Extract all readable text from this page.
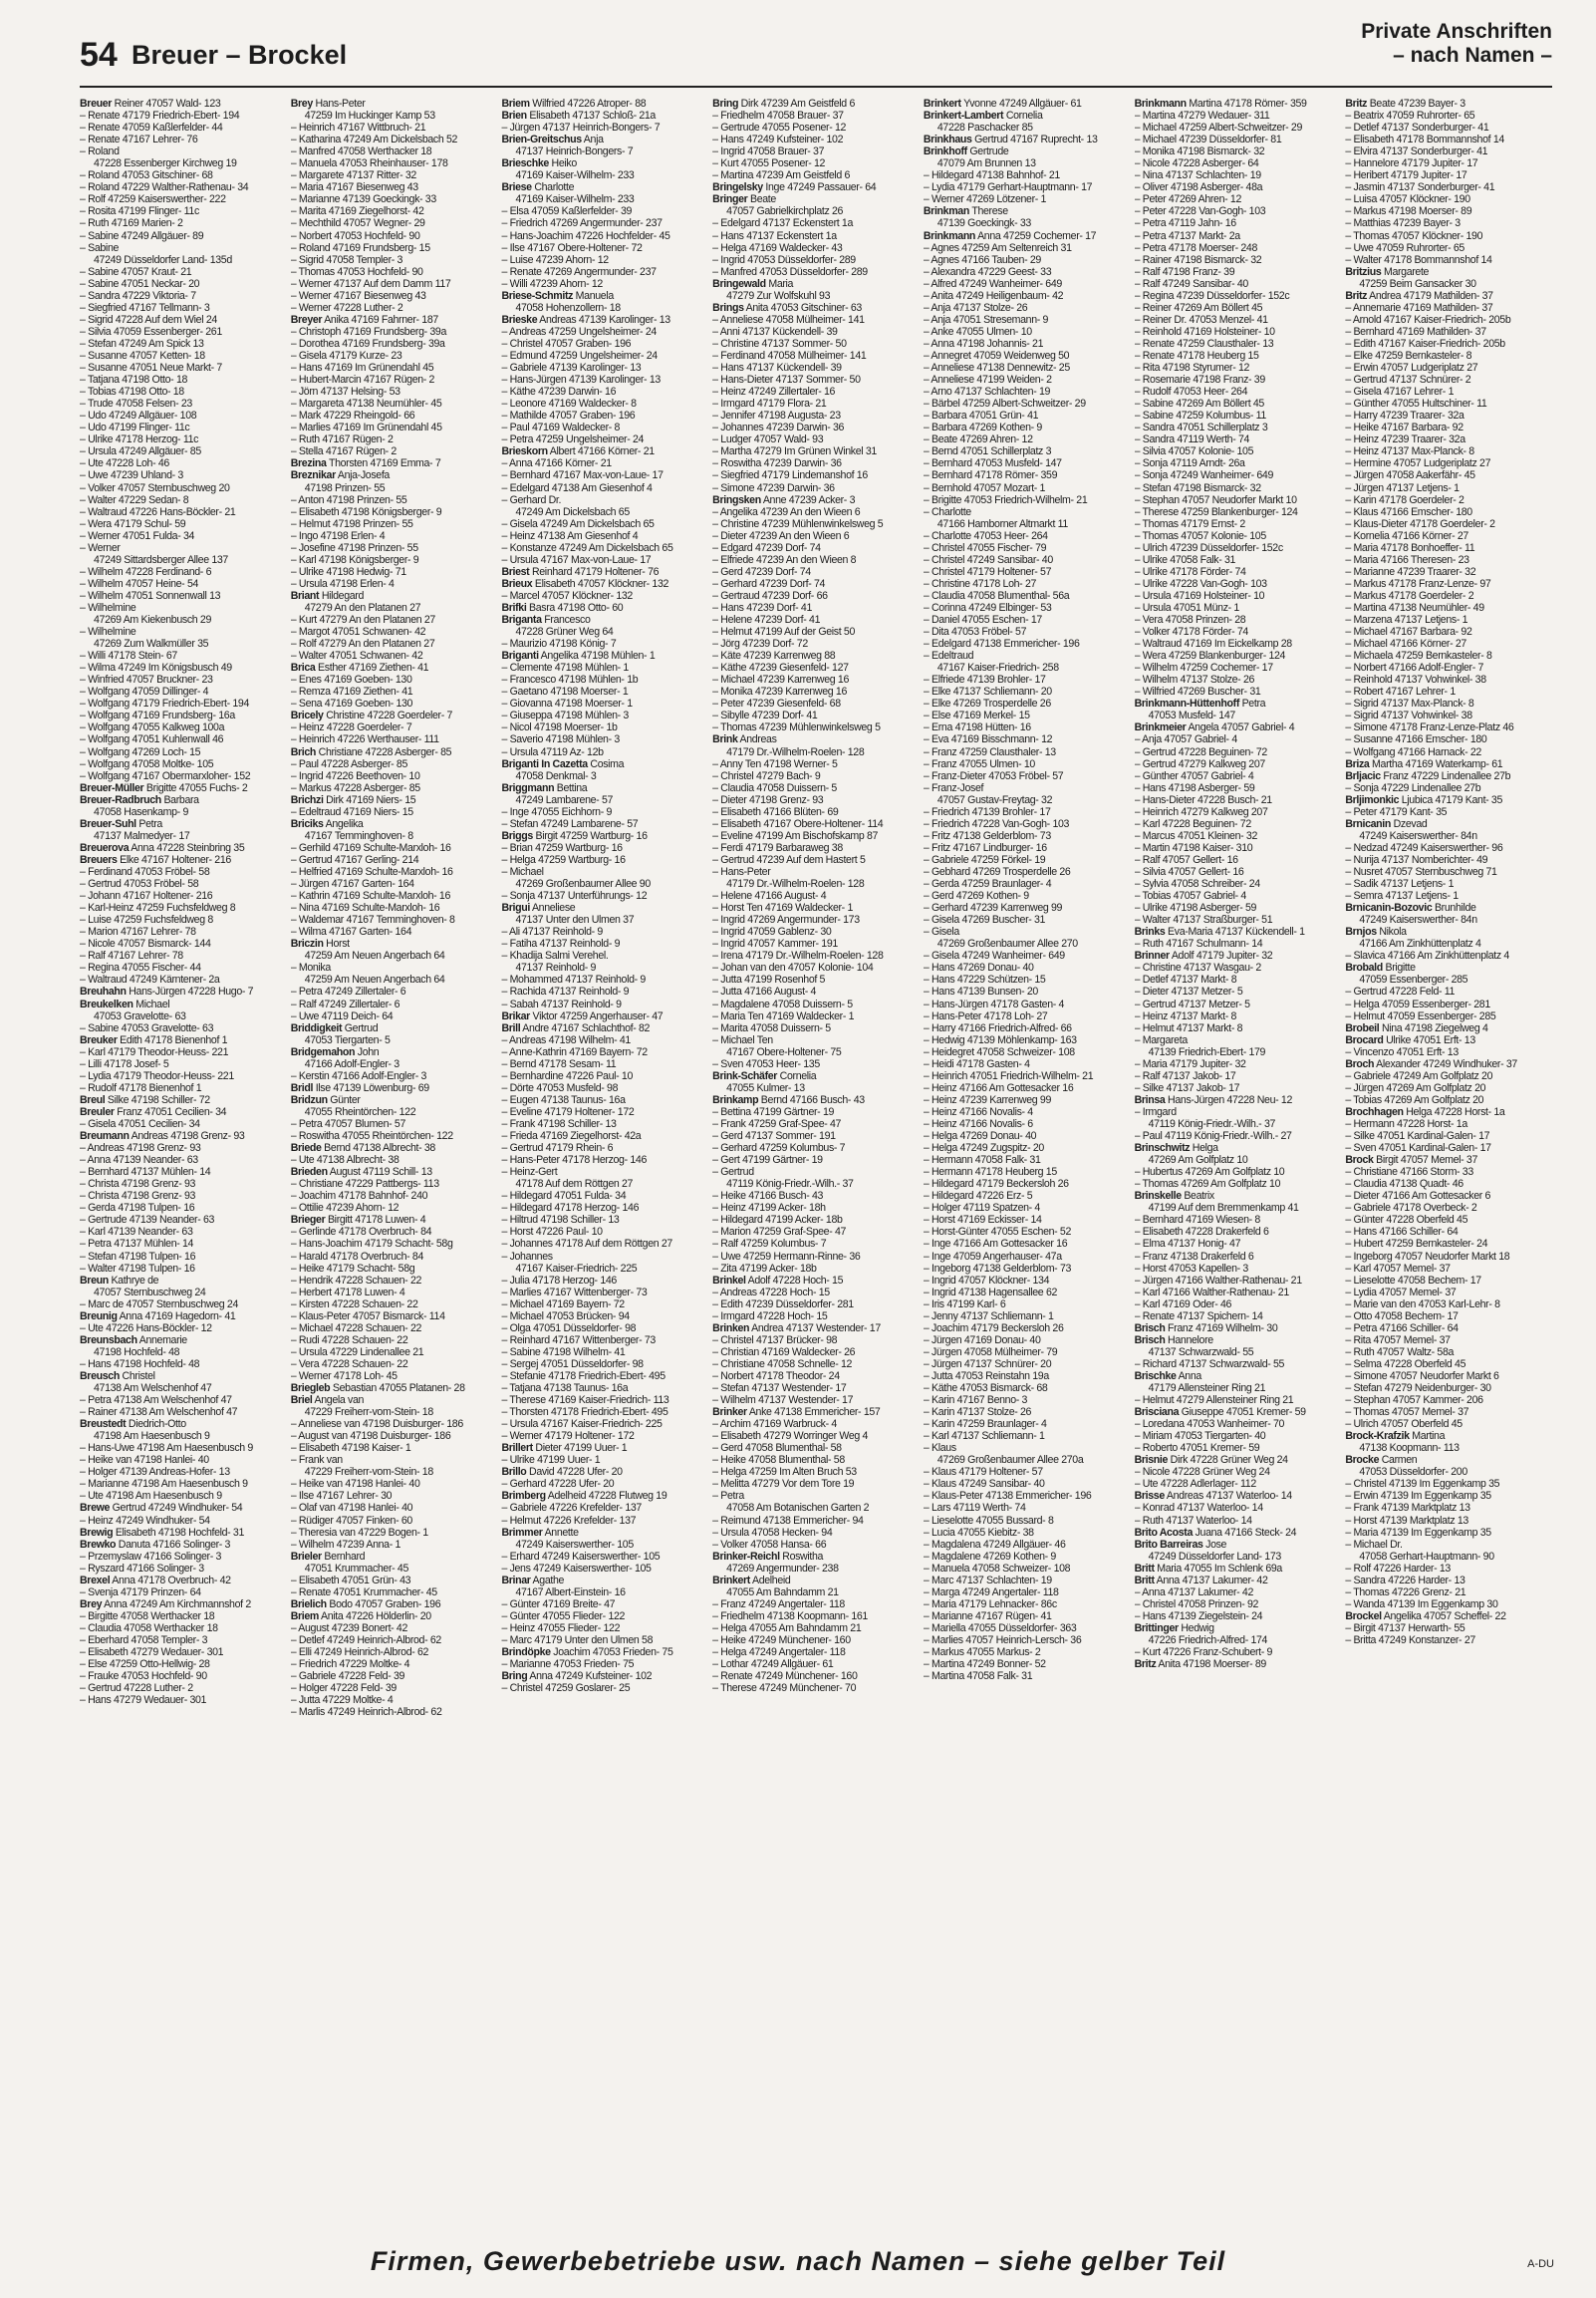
54 Breuer – Brockel
Private Anschriften
– nach Namen –
Breuer Reiner 47057 Wald- 123
– Renate 47179 Friedrich-Ebert- 194
– Renate 47059 Kaßlerfelder- 44
– Renate 47167 Lehrer- 76
– Roland
47228 Essenberger Kirchweg 19
– Roland 47053 Gitschiner- 68
– Roland 47229 Walther-Rathenau- 34
– Rolf 47259 Kaiserswerther- 222
– Rosita 47199 Flinger- 11c
– Ruth 47169 Marien- 2
– Sabine 47249 Allgäuer- 89
– Sabine
47249 Düsseldorfer Land- 135d
– Sabine 47057 Kraut- 21
– Sabine 47051 Neckar- 20
– Sandra 47229 Viktoria- 7
– Siegfried 47167 Tellmann- 3
– Sigrid 47228 Auf dem Wiel 24
– Silvia 47059 Essenberger- 261
– Stefan 47249 Am Spick 13
– Susanne 47057 Ketten- 18
– Susanne 47051 Neue Markt- 7
– Tatjana 47198 Otto- 18
– Tobias 47198 Otto- 18
– Trude 47058 Felsen- 23
– Udo 47249 Allgäuer- 108
– Udo 47199 Flinger- 11c
– Ulrike 47178 Herzog- 11c
– Ursula 47249 Allgäuer- 85
– Ute 47228 Loh- 46
– Uwe 47239 Uhland- 3
– Volker 47057 Sternbuschweg 20
– Walter 47229 Sedan- 8
– Waltraud 47226 Hans-Böckler- 21
– Wera 47179 Schul- 59
– Werner 47051 Fulda- 34
– Werner
47249 Sittardsberger Allee 137
– Wilhelm 47228 Ferdinand- 6
– Wilhelm 47057 Heine- 54
– Wilhelm 47051 Sonnenwall 13
– Wilhelmine
47269 Am Kiekenbusch 29
– Wilhelmine
47269 Zum Walkmüller 35
– Willi 47178 Stein- 67
– Wilma 47249 Im Königsbusch 49
– Winfried 47057 Bruckner- 23
– Wolfgang 47059 Dillinger- 4
– Wolfgang 47179 Friedrich-Ebert- 194
– Wolfgang 47169 Frundsberg- 16a
– Wolfgang 47055 Kalkweg 100a
– Wolfgang 47051 Kuhlenwall 46
– Wolfgang 47269 Loch- 15
– Wolfgang 47058 Moltke- 105
– Wolfgang 47167 Obermarxloher- 152
Breuer-Müller Brigitte 47055 Fuchs- 2
Breuer-Radbruch Barbara
47058 Hasenkamp- 9
Breuer-Suhl Petra
47137 Malmedyer- 17
Breuerova Anna 47228 Steinbring 35
Breuers Elke 47167 Holtener- 216
– Ferdinand 47053 Fröbel- 58
– Gertrud 47053 Fröbel- 58
– Johann 47167 Holtener- 216
– Karl-Heinz 47259 Fuchsfeldweg 8
– Luise 47259 Fuchsfeldweg 8
– Marion 47167 Lehrer- 78
– Nicole 47057 Bismarck- 144
– Ralf 47167 Lehrer- 78
– Regina 47055 Fischer- 44
– Waltraud 47249 Kärntener- 2a
Breuhahn Hans-Jürgen 47228 Hugo- 7
Breukelken Michael
47053 Gravelotte- 63
– Sabine 47053 Gravelotte- 63
Breuker Edith 47178 Bienenhof 1
– Karl 47179 Theodor-Heuss- 221
– Lilli 47178 Josef- 5
– Lydia 47179 Theodor-Heuss- 221
– Rudolf 47178 Bienenhof 1
Breul Silke 47198 Schiller- 72
Breuler Franz 47051 Cecilien- 34
– Gisela 47051 Cecilien- 34
Breumann Andreas 47198 Grenz- 93
– Andreas 47198 Grenz- 93
– Anna 47139 Neander- 63
– Bernhard 47137 Mühlen- 14
– Christa 47198 Grenz- 93
– Christa 47198 Grenz- 93
– Gerda 47198 Tulpen- 16
– Gertrude 47139 Neander- 63
– Karl 47139 Neander- 63
– Petra 47137 Mühlen- 14
– Stefan 47198 Tulpen- 16
– Walter 47198 Tulpen- 16
Breun Kathrye de
47057 Sternbuschweg 24
– Marc de 47057 Sternbuschweg 24
Breunig Anna 47169 Hagedorn- 41
– Ute 47226 Hans-Böckler- 12
Breunsbach Annemarie
47198 Hochfeld- 48
– Hans 47198 Hochfeld- 48
Breusch Christel
47138 Am Welschenhof 47
– Petra 47138 Am Welschenhof 47
– Rainer 47138 Am Welschenhof 47
Breustedt Diedrich-Otto
47198 Am Haesenbusch 9
– Hans-Uwe 47198 Am Haesenbusch 9
– Heike van 47198 Hanlei- 40
– Holger 47139 Andreas-Hofer- 13
– Marianne 47198 Am Haesenbusch 9
– Ute 47198 Am Haesenbusch 9
Brewe Gertrud 47249 Windhuker- 54
– Heinz 47249 Windhuker- 54
Brewig Elisabeth 47198 Hochfeld- 31
Brewko Danuta 47166 Solinger- 3
– Przemyslaw 47166 Solinger- 3
– Ryszard 47166 Solinger- 3
Brexel Anna 47178 Overbruch- 42
– Svenja 47179 Prinzen- 64
Brey Anna 47249 Am Kirchmannshof 2
– Birgitte 47058 Werthacker 18
– Claudia 47058 Werthacker 18
– Eberhard 47058 Templer- 3
– Elisabeth 47279 Wedauer- 301
– Else 47259 Otto-Hellwig- 28
– Frauke 47053 Hochfeld- 90
– Gertrud 47228 Luther- 2
– Hans 47279 Wedauer- 301
Brey Hans-Peter
47259 Im Huckinger Kamp 53
– Heinrich 47167 Wittbruch- 21
– Katharina 47249 Am Dickelsbach 52
– Manfred 47058 Werthacker 18
– Manuela 47053 Rheinhauser- 178
– Margarete 47137 Ritter- 32
– Maria 47167 Biesenweg 43
– Marianne 47139 Goeckingk- 33
– Marita 47169 Ziegelhorst- 42
– Mechthild 47057 Wegner- 29
– Norbert 47053 Hochfeld- 90
– Roland 47169 Frundsberg- 15
– Sigrid 47058 Templer- 3
– Thomas 47053 Hochfeld- 90
– Werner 47137 Auf dem Damm 117
– Werner 47167 Biesenweg 43
– Werner 47228 Luther- 2
Breyer Anika 47169 Fahrner- 187
– Christoph 47169 Frundsberg- 39a
– Dorothea 47169 Frundsberg- 39a
– Gisela 47179 Kurze- 23
– Hans 47169 Im Grünendahl 45
– Hubert-Marcin 47167 Rügen- 2
– Jörn 47137 Helsing- 53
– Margareta 47138 Neumühler- 45
– Mark 47229 Rheingold- 66
– Marlies 47169 Im Grünendahl 45
– Ruth 47167 Rügen- 2
– Stella 47167 Rügen- 2
Brezina Thorsten 47169 Emma- 7
Breznikar Anja-Josefa
47198 Prinzen- 55
– Anton 47198 Prinzen- 55
– Elisabeth 47198 Königsberger- 9
– Helmut 47198 Prinzen- 55
– Ingo 47198 Erlen- 4
– Josefine 47198 Prinzen- 55
– Karl 47198 Königsberger- 9
– Ulrike 47198 Hedwig- 71
– Ursula 47198 Erlen- 4
Briant Hildegard
47279 An den Platanen 27
– Kurt 47279 An den Platanen 27
– Margot 47051 Schwanen- 42
– Rolf 47279 An den Platanen 27
– Walter 47051 Schwanen- 42
Brica Esther 47169 Ziethen- 41
– Enes 47169 Goeben- 130
– Remza 47169 Ziethen- 41
– Sena 47169 Goeben- 130
Bricely Christine 47228 Goerdeler- 7
– Heinz 47228 Goerdeler- 7
– Heinrich 47226 Werthauser- 111
Brich Christiane 47228 Asberger- 85
– Paul 47228 Asberger- 85
– Ingrid 47226 Beethoven- 10
– Markus 47228 Asberger- 85
Brichzi Dirk 47169 Niers- 15
– Edeltraud 47169 Niers- 15
Briciks Angelika
47167 Temminghoven- 8
– Gerhild 47169 Schulte-Marxloh- 16
– Gertrud 47167 Gerling- 214
– Helfried 47169 Schulte-Marxloh- 16
– Jürgen 47167 Garten- 164
– Kathrin 47169 Schulte-Marxloh- 16
– Nina 47169 Schulte-Marxloh- 16
– Waldemar 47167 Temminghoven- 8
– Wilma 47167 Garten- 164
Briczin Horst
47259 Am Neuen Angerbach 64
– Monika
47259 Am Neuen Angerbach 64
– Petra 47249 Zillertaler- 6
– Ralf 47249 Zillertaler- 6
– Uwe 47119 Deich- 64
Briddigkeit Gertrud
47053 Tiergarten- 5
Bridgemahon John
47166 Adolf-Engler- 3
– Kerstin 47166 Adolf-Engler- 3
Bridl Ilse 47139 Löwenburg- 69
Bridzun Günter
47055 Rheintörchen- 122
– Petra 47057 Blumen- 57
– Roswitha 47055 Rheintörchen- 122
Briede Bernd 47138 Albrecht- 38
– Ute 47138 Albrecht- 38
Brieden August 47119 Schill- 13
– Christiane 47229 Pattbergs- 113
– Joachim 47178 Bahnhof- 240
– Ottilie 47239 Ahorn- 12
Brieger Birgitt 47178 Luwen- 4
– Gerlinde 47178 Overbruch- 84
– Hans-Joachim 47179 Schacht- 58g
– Harald 47178 Overbruch- 84
– Heike 47179 Schacht- 58g
– Hendrik 47228 Schauen- 22
– Herbert 47178 Luwen- 4
– Kirsten 47228 Schauen- 22
– Klaus-Peter 47057 Bismarck- 114
– Michael 47228 Schauen- 22
– Rudi 47228 Schauen- 22
– Ursula 47229 Lindenallee 21
– Vera 47228 Schauen- 22
– Werner 47178 Loh- 45
Briegleb Sebastian 47055 Platanen- 28
Briel Angela van
47229 Freiherr-vom-Stein- 18
– Anneliese van 47198 Duisburger- 186
– August van 47198 Duisburger- 186
– Elisabeth 47198 Kaiser- 1
– Frank van
47229 Freiherr-vom-Stein- 18
– Heike van 47198 Hanlei- 40
– Ilse 47167 Lehrer- 30
– Olaf van 47198 Hanlei- 40
– Rüdiger 47057 Finken- 60
– Theresia van 47229 Bogen- 1
– Wilhelm 47239 Anna- 1
Brieler Bernhard
47051 Krummacher- 45
– Elisabeth 47051 Grün- 43
– Renate 47051 Krummacher- 45
Brielich Bodo 47057 Graben- 196
Briem Anita 47226 Hölderlin- 20
– August 47239 Bonert- 42
– Detlef 47249 Heinrich-Albrod- 62
– Elli 47249 Heinrich-Albrod- 62
– Friedrich 47229 Moltke- 4
– Gabriele 47228 Feld- 39
– Holger 47228 Feld- 39
– Jutta 47229 Moltke- 4
– Marlis 47249 Heinrich-Albrod- 62
Briem Wilfried 47226 Atroper- 88
Brien Elisabeth 47137 Schloß- 21a
– Jürgen 47137 Heinrich-Bongers- 7
Brien-Greitschus Anja
47137 Heinrich-Bongers- 7
Brieschke Heiko
47169 Kaiser-Wilhelm- 233
Briese Charlotte
47169 Kaiser-Wilhelm- 233
– Elsa 47059 Kaßlerfelder- 39
– Friedrich 47269 Angermunder- 237
– Hans-Joachim 47226 Hochfelder- 45
– Ilse 47167 Obere-Holtener- 72
– Luise 47239 Ahorn- 12
– Renate 47269 Angermunder- 237
– Willi 47239 Ahorn- 12
Briese-Schmitz Manuela
47058 Hohenzollern- 18
Brieske Andreas 47139 Karolinger- 13
– Andreas 47259 Ungelsheimer- 24
– Christel 47057 Graben- 196
– Edmund 47259 Ungelsheimer- 24
– Gabriele 47139 Karolinger- 13
– Hans-Jürgen 47139 Karolinger- 13
– Käthe 47239 Darwin- 16
– Leonore 47169 Waldecker- 8
– Mathilde 47057 Graben- 196
– Paul 47169 Waldecker- 8
– Petra 47259 Ungelsheimer- 24
Brieskorn Albert 47166 Körner- 21
– Anna 47166 Körner- 21
– Bernhard 47167 Max-von-Laue- 17
– Edelgard 47138 Am Giesenhof 4
– Gerhard Dr.
47249 Am Dickelsbach 65
– Gisela 47249 Am Dickelsbach 65
– Heinz 47138 Am Giesenhof 4
– Konstanze 47249 Am Dickelsbach 65
– Ursula 47167 Max-von-Laue- 17
Briest Reinhard 47179 Holtener- 76
Brieux Elisabeth 47057 Klöckner- 132
– Marcel 47057 Klöckner- 132
Brifki Basra 47198 Otto- 60
Briganta Francesco
47228 Grüner Weg 64
– Maurizio 47198 König- 7
Briganti Angelika 47198 Mühlen- 1
– Clemente 47198 Mühlen- 1
– Francesco 47198 Mühlen- 1b
– Gaetano 47198 Moerser- 1
– Giovanna 47198 Moerser- 1
– Giuseppa 47198 Mühlen- 3
– Nicol 47198 Moerser- 1b
– Saverio 47198 Mühlen- 3
– Ursula 47119 Az- 12b
Briganti In Cazetta Cosima
47058 Denkmal- 3
Briggmann Bettina
47249 Lambarene- 57
– Inge 47055 Eichhorn- 9
– Stefan 47249 Lambarene- 57
Briggs Birgit 47259 Wartburg- 16
– Brian 47259 Wartburg- 16
– Helga 47259 Wartburg- 16
– Michael
47269 Großenbaumer Allee 90
– Sonja 47137 Unterführungs- 12
Brigui Anneliese
47137 Unter den Ulmen 37
– Ali 47137 Reinhold- 9
– Fatiha 47137 Reinhold- 9
– Khadija Salmi Verehel.
47137 Reinhold- 9
– Mohammed 47137 Reinhold- 9
– Rachida 47137 Reinhold- 9
– Sabah 47137 Reinhold- 9
Brikar Viktor 47259 Angerhauser- 47
Brill Andre 47167 Schlachthof- 82
– Andreas 47198 Wilhelm- 41
– Anne-Kathrin 47169 Bayern- 72
– Bernd 47178 Sesam- 11
– Bernhardine 47226 Paul- 10
– Dörte 47053 Musfeld- 98
– Eugen 47138 Taunus- 16a
– Eveline 47179 Holtener- 172
– Frank 47198 Schiller- 13
– Frieda 47169 Ziegelhorst- 42a
– Gertrud 47179 Rhein- 6
– Hans-Peter 47178 Herzog- 146
– Heinz-Gert
47178 Auf dem Röttgen 27
– Hildegard 47051 Fulda- 34
– Hildegard 47178 Herzog- 146
– Hiltrud 47198 Schiller- 13
– Horst 47226 Paul- 10
– Johannes 47178 Auf dem Röttgen 27
– Johannes
47167 Kaiser-Friedrich- 225
– Julia 47178 Herzog- 146
– Marlies 47167 Wittenberger- 73
– Michael 47169 Bayern- 72
– Michael 47053 Brücken- 94
– Olga 47051 Düsseldorfer- 98
– Reinhard 47167 Wittenberger- 73
– Sabine 47198 Wilhelm- 41
– Sergej 47051 Düsseldorfer- 98
– Stefanie 47178 Friedrich-Ebert- 495
– Tatjana 47138 Taunus- 16a
– Therese 47169 Kaiser-Friedrich- 113
– Thorsten 47178 Friedrich-Ebert- 495
– Ursula 47167 Kaiser-Friedrich- 225
– Werner 47179 Holtener- 172
Brillert Dieter 47199 Uuer- 1
– Ulrike 47199 Uuer- 1
Brillo David 47228 Ufer- 20
– Gerhard 47228 Ufer- 20
Brimberg Adelheid 47228 Flutweg 19
– Gabriele 47226 Krefelder- 137
– Helmut 47226 Krefelder- 137
Brimmer Annette
47249 Kaiserswerther- 105
– Erhard 47249 Kaiserswerther- 105
– Jens 47249 Kaiserswerther- 105
Brinar Agathe
47167 Albert-Einstein- 16
– Günter 47169 Breite- 47
– Günter 47055 Flieder- 122
– Heinz 47055 Flieder- 122
– Marc 47179 Unter den Ulmen 58
Brindöpke Joachim 47053 Frieden- 75
– Marianne 47053 Frieden- 75
Bring Anna 47249 Kufsteiner- 102
– Christel 47259 Goslarer- 25
Bring Dirk 47239 Am Geistfeld 6
– Friedhelm 47058 Brauer- 37
– Gertrude 47055 Posener- 12
– Hans 47249 Kufsteiner- 102
– Ingrid 47058 Brauer- 37
– Kurt 47055 Posener- 12
– Martina 47239 Am Geistfeld 6
Bringelsky Inge 47249 Passauer- 64
Bringer Beate
47057 Gabrielkirchplatz 26
– Edelgard 47137 Eckenstert 1a
– Hans 47137 Eckenstert 1a
– Helga 47169 Waldecker- 43
– Ingrid 47053 Düsseldorfer- 289
– Manfred 47053 Düsseldorfer- 289
Bringewald Maria
47279 Zur Wolfskuhl 93
Brings Anita 47053 Gitschiner- 63
– Anneliese 47058 Mülheimer- 141
– Anni 47137 Kückendell- 39
– Christine 47137 Sommer- 50
– Ferdinand 47058 Mülheimer- 141
– Hans 47137 Kückendell- 39
– Hans-Dieter 47137 Sommer- 50
– Heinz 47249 Zillertaler- 16
– Irmgard 47179 Flora- 21
– Jennifer 47198 Augusta- 23
– Johannes 47239 Darwin- 36
– Ludger 47057 Wald- 93
– Martha 47279 Im Grünen Winkel 31
– Roswitha 47239 Darwin- 36
– Siegfried 47179 Lindemanshof 16
– Simone 47239 Darwin- 36
Bringsken Anne 47239 Acker- 3
– Angelika 47239 An den Wieen 6
– Christine 47239 Mühlenwinkelsweg 5
– Dieter 47239 An den Wieen 6
– Edgard 47239 Dorf- 74
– Elfriede 47239 An den Wieen 8
– Gerd 47239 Dorf- 74
– Gerhard 47239 Dorf- 74
– Gertraud 47239 Dorf- 66
– Hans 47239 Dorf- 41
– Helene 47239 Dorf- 41
– Helmut 47199 Auf der Geist 50
– Jörg 47239 Dorf- 72
– Käte 47239 Karrenweg 88
– Käthe 47239 Giesenfeld- 127
– Michael 47239 Karrenweg 16
– Monika 47239 Karrenweg 16
– Peter 47239 Giesenfeld- 68
– Sibylle 47239 Dorf- 41
– Thomas 47239 Mühlenwinkelsweg 5
Brink Andreas
47179 Dr.-Wilhelm-Roelen- 128
– Anny Ten 47198 Werner- 5
– Christel 47279 Bach- 9
– Claudia 47058 Duissern- 5
– Dieter 47198 Grenz- 93
– Elisabeth 47166 Blüten- 69
– Elisabeth 47167 Obere-Holtener- 114
– Eveline 47199 Am Bischofskamp 87
– Ferdi 47179 Barbaraweg 38
– Gertrud 47239 Auf dem Hastert 5
– Hans-Peter
47179 Dr.-Wilhelm-Roelen- 128
– Helene 47166 August- 4
– Horst Ten 47169 Waldecker- 1
– Ingrid 47269 Angermunder- 173
– Ingrid 47059 Gablenz- 30
– Ingrid 47057 Kammer- 191
– Irena 47179 Dr.-Wilhelm-Roelen- 128
– Johan van den 47057 Kolonie- 104
– Jutta 47199 Rosenhof 5
– Jutta 47166 August- 4
– Magdalene 47058 Duissern- 5
– Maria Ten 47169 Waldecker- 1
– Marita 47058 Duissern- 5
– Michael Ten
47167 Obere-Holtener- 75
– Sven 47053 Heer- 135
Brink-Schäfer Cornelia
47055 Kulmer- 13
Brinkamp Bernd 47166 Busch- 43
– Bettina 47199 Gärtner- 19
– Frank 47259 Graf-Spee- 47
– Gerd 47137 Sommer- 191
– Gerhard 47259 Kolumbus- 7
– Gert 47199 Gärtner- 19
– Gertrud
47119 König-Friedr.-Wilh.- 37
– Heike 47166 Busch- 43
– Heinz 47199 Acker- 18h
– Hildegard 47199 Acker- 18b
– Marion 47259 Graf-Spee- 47
– Ralf 47259 Kolumbus- 7
– Uwe 47259 Hermann-Rinne- 36
– Zita 47199 Acker- 18b
Brinkel Adolf 47228 Hoch- 15
– Andreas 47228 Hoch- 15
– Edith 47239 Düsseldorfer- 281
– Irmgard 47228 Hoch- 15
Brinken Andrea 47137 Westender- 17
– Christel 47137 Brücker- 98
– Christian 47169 Waldecker- 26
– Christiane 47058 Schnelle- 12
– Norbert 47178 Theodor- 24
– Stefan 47137 Westender- 17
– Wilhelm 47137 Westender- 17
Brinker Anke 47138 Emmericher- 157
– Archim 47169 Warbruck- 4
– Elisabeth 47279 Worringer Weg 4
– Gerd 47058 Blumenthal- 58
– Heike 47058 Blumenthal- 58
– Helga 47259 Im Alten Bruch 53
– Melitta 47279 Vor dem Tore 19
– Petra
47058 Am Botanischen Garten 2
– Reimund 47138 Emmericher- 94
– Ursula 47058 Hecken- 94
– Volker 47058 Hansa- 66
Brinker-Reichl Roswitha
47269 Angermunder- 238
Brinkert Adelheid
47055 Am Bahndamm 21
– Franz 47249 Angertaler- 118
– Friedhelm 47138 Koopmann- 161
– Helga 47055 Am Bahndamm 21
– Heike 47249 Münchener- 160
– Helga 47249 Angertaler- 118
– Lothar 47249 Allgäuer- 61
– Renate 47249 Münchener- 160
– Therese 47249 Münchener- 70
Brinkert Yvonne 47249 Allgäuer- 61
Brinkert-Lambert Cornelia
47228 Paschacker 85
Brinkhaus Gertrud 47167 Ruprecht- 13
Brinkhoff Gertrude
47079 Am Brunnen 13
– Hildegard 47138 Bahnhof- 21
– Lydia 47179 Gerhart-Hauptmann- 17
– Werner 47269 Lötzener- 1
Brinkman Therese
47139 Goeckingk- 33
Brinkmann Anna 47259 Cochemer- 17
– Agnes 47259 Am Seltenreich 31
– Agnes 47166 Tauben- 29
– Alexandra 47229 Geest- 33
– Alfred 47249 Wanheimer- 649
– Anita 47249 Heiligenbaum- 42
– Anja 47137 Stolze- 26
– Anja 47051 Stresemann- 9
– Anke 47055 Ulmen- 10
– Anna 47198 Johannis- 21
– Annegret 47059 Weidenweg 50
– Anneliese 47138 Dennewitz- 25
– Anneliese 47199 Weiden- 2
– Arno 47137 Schlachten- 19
– Bärbel 47259 Albert-Schweitzer- 29
– Barbara 47051 Grün- 41
– Barbara 47269 Kothen- 9
– Beate 47269 Ahren- 12
– Bernd 47051 Schillerplatz 3
– Bernhard 47053 Musfeld- 147
– Bernhard 47178 Römer- 359
– Bernhold 47057 Mozart- 1
– Brigitte 47053 Friedrich-Wilhelm- 21
– Charlotte
47166 Hamborner Altmarkt 11
– Charlotte 47053 Heer- 264
– Christel 47055 Fischer- 79
– Christel 47249 Sansibar- 40
– Christel 47179 Holtener- 57
– Christine 47178 Loh- 27
– Claudia 47058 Blumenthal- 56a
– Corinna 47249 Elbinger- 53
– Daniel 47055 Eschen- 17
– Dita 47053 Fröbel- 57
– Edelgard 47138 Emmericher- 196
– Edeltraud
47167 Kaiser-Friedrich- 258
– Elfriede 47139 Brohler- 17
– Elke 47137 Schliemann- 20
– Elke 47269 Trosperdelle 26
– Else 47169 Merkel- 15
– Erna 47198 Hütten- 16
– Eva 47169 Bisschmann- 12
– Franz 47259 Clausthaler- 13
– Franz 47055 Ulmen- 10
– Franz-Dieter 47053 Fröbel- 57
– Franz-Josef
47057 Gustav-Freytag- 32
– Friedrich 47139 Brohler- 17
– Friedrich 47228 Van-Gogh- 103
– Fritz 47138 Gelderblom- 73
– Fritz 47167 Lindburger- 16
– Gabriele 47259 Förkel- 19
– Gebhard 47269 Trosperdelle 26
– Gerda 47259 Braunlager- 4
– Gerd 47269 Kothen- 9
– Gerhard 47239 Karrenweg 99
– Gisela 47269 Buscher- 31
– Gisela
47269 Großenbaumer Allee 270
– Gisela 47249 Wanheimer- 649
– Hans 47269 Donau- 40
– Hans 47229 Schützen- 15
– Hans 47139 Bunsen- 20
– Hans-Jürgen 47178 Gasten- 4
– Hans-Peter 47178 Loh- 27
– Harry 47166 Friedrich-Alfred- 66
– Hedwig 47139 Möhlenkamp- 163
– Heidegret 47058 Schweizer- 108
– Heidi 47178 Gasten- 4
– Heinrich 47051 Friedrich-Wilhelm- 21
– Heinz 47166 Am Gottesacker 16
– Heinz 47239 Karrenweg 99
– Heinz 47166 Novalis- 4
– Heinz 47166 Novalis- 6
– Helga 47269 Donau- 40
– Helga 47249 Zugspitz- 20
– Hermann 47058 Falk- 31
– Hermann 47178 Heuberg 15
– Hildegard 47179 Beckersloh 26
– Hildegard 47226 Erz- 5
– Holger 47119 Spatzen- 4
– Horst 47169 Eckisser- 14
– Horst-Günter 47055 Eschen- 52
– Inge 47166 Am Gottesacker 16
– Inge 47059 Angerhauser- 47a
– Ingeborg 47138 Gelderblom- 73
– Ingrid 47057 Klöckner- 134
– Ingrid 47138 Hagensallee 62
– Iris 47199 Karl- 6
– Jenny 47137 Schliemann- 1
– Joachim 47179 Beckersloh 26
– Jürgen 47169 Donau- 40
– Jürgen 47058 Mülheimer- 79
– Jürgen 47137 Schnürer- 20
– Jutta 47053 Reinstahn 19a
– Käthe 47053 Bismarck- 68
– Karin 47167 Benno- 3
– Karin 47137 Stolze- 26
– Karin 47259 Braunlager- 4
– Karl 47137 Schliemann- 1
– Klaus
47269 Großenbaumer Allee 270a
– Klaus 47179 Holtener- 57
– Klaus 47249 Sansibar- 40
– Klaus-Peter 47138 Emmericher- 196
– Lars 47119 Werth- 74
– Lieselotte 47055 Bussard- 8
– Lucia 47055 Kiebitz- 38
– Magdalena 47249 Allgäuer- 46
– Magdalene 47269 Kothen- 9
– Manuela 47058 Schweizer- 108
– Marc 47137 Schlachten- 19
– Marga 47249 Angertaler- 118
– Maria 47179 Lehnacker- 86c
– Marianne 47167 Rügen- 41
– Mariella 47055 Düsseldorfer- 363
– Marlies 47057 Heinrich-Lersch- 36
– Markus 47055 Markus- 2
– Martina 47249 Bonner- 52
– Martina 47058 Falk- 31
Brinkmann Martina 47178 Römer- 359
– Martina 47279 Wedauer- 311
– Michael 47259 Albert-Schweitzer- 29
– Michael 47239 Düsseldorfer- 81
– Monika 47198 Bismarck- 32
– Nicole 47228 Asberger- 64
– Nina 47137 Schlachten- 19
– Oliver 47198 Asberger- 48a
– Peter 47269 Ahren- 12
– Peter 47228 Van-Gogh- 103
– Petra 47119 Jahn- 16
– Petra 47137 Markt- 2a
– Petra 47178 Moerser- 248
– Rainer 47198 Bismarck- 32
– Ralf 47198 Franz- 39
– Ralf 47249 Sansibar- 40
– Regina 47239 Düsseldorfer- 152c
– Reiner 47269 Am Böllert 45
– Reiner Dr. 47053 Menzel- 41
– Reinhold 47169 Holsteiner- 10
– Renate 47259 Clausthaler- 13
– Renate 47178 Heuberg 15
– Rita 47198 Styrumer- 12
– Rosemarie 47198 Franz- 39
– Rudolf 47053 Heer- 264
– Sabine 47269 Am Böllert 45
– Sabine 47259 Kolumbus- 11
– Sandra 47051 Schillerplatz 3
– Sandra 47119 Werth- 74
– Silvia 47057 Kolonie- 105
– Sonja 47119 Arndt- 26a
– Sonja 47249 Wanheimer- 649
– Stefan 47198 Bismarck- 32
– Stephan 47057 Neudorfer Markt 10
– Therese 47259 Blankenburger- 124
– Thomas 47179 Ernst- 2
– Thomas 47057 Kolonie- 105
– Ulrich 47239 Düsseldorfer- 152c
– Ulrike 47058 Falk- 31
– Ulrike 47178 Förder- 74
– Ulrike 47228 Van-Gogh- 103
– Ursula 47169 Holsteiner- 10
– Ursula 47051 Münz- 1
– Vera 47058 Prinzen- 28
– Volker 47178 Förder- 74
– Waltraud 47169 Im Eickelkamp 28
– Wera 47259 Blankenburger- 124
– Wilhelm 47259 Cochemer- 17
– Wilhelm 47137 Stolze- 26
– Wilfried 47269 Buscher- 31
Brinkmann-Hüttenhoff Petra
47053 Musfeld- 147
Brinkmeier Angela 47057 Gabriel- 4
– Anja 47057 Gabriel- 4
– Gertrud 47228 Beguinen- 72
– Gertrud 47279 Kalkweg 207
– Günther 47057 Gabriel- 4
– Hans 47198 Asberger- 59
– Hans-Dieter 47228 Busch- 21
– Heinrich 47279 Kalkweg 207
– Karl 47228 Beguinen- 72
– Marcus 47051 Kleinen- 32
– Martin 47198 Kaiser- 310
– Ralf 47057 Gellert- 16
– Silvia 47057 Gellert- 16
– Sylvia 47058 Schreiber- 24
– Tobias 47057 Gabriel- 4
– Ulrike 47198 Asberger- 59
– Walter 47137 Straßburger- 51
Brinks Eva-Maria 47137 Kückendell- 1
– Ruth 47167 Schulmann- 14
Brinner Adolf 47179 Jupiter- 32
– Christine 47137 Wasgau- 2
– Detlef 47137 Markt- 8
– Dieter 47137 Metzer- 5
– Gertrud 47137 Metzer- 5
– Heinz 47137 Markt- 8
– Helmut 47137 Markt- 8
– Margareta
47139 Friedrich-Ebert- 179
– Maria 47179 Jupiter- 32
– Ralf 47137 Jakob- 17
– Silke 47137 Jakob- 17
Brinsa Hans-Jürgen 47228 Neu- 12
– Irmgard
47119 König-Friedr.-Wilh.- 37
– Paul 47119 König-Friedr.-Wilh.- 27
Brinschwitz Helga
47269 Am Golfplatz 10
– Hubertus 47269 Am Golfplatz 10
– Thomas 47269 Am Golfplatz 10
Brinskelle Beatrix
47199 Auf dem Bremmenkamp 41
– Bernhard 47169 Wiesen- 8
– Elisabeth 47228 Drakerfeld 6
– Elma 47137 Honig- 47
– Franz 47138 Drakerfeld 6
– Horst 47053 Kapellen- 3
– Jürgen 47166 Walther-Rathenau- 21
– Karl 47166 Walther-Rathenau- 21
– Karl 47169 Oder- 46
– Renate 47137 Spichern- 14
Brisch Franz 47169 Wilhelm- 30
Brisch Hannelore
47137 Schwarzwald- 55
– Richard 47137 Schwarzwald- 55
Brischke Anna
47179 Allensteiner Ring 21
– Helmut 47279 Allensteiner Ring 21
Brisciana Giuseppe 47051 Kremer- 59
– Loredana 47053 Wanheimer- 70
– Miriam 47053 Tiergarten- 40
– Roberto 47051 Kremer- 59
Brisnie Dirk 47228 Grüner Weg 24
– Nicole 47228 Grüner Weg 24
– Ute 47228 Adlerlager- 112
Brisse Andreas 47137 Waterloo- 14
– Konrad 47137 Waterloo- 14
– Ruth 47137 Waterloo- 14
Brito Acosta Juana 47166 Steck- 24
Brito Barreiras Jose
47249 Düsseldorfer Land- 173
Britt Maria 47055 Im Schlenk 69a
Britt Anna 47137 Lakumer- 42
– Anna 47137 Lakumer- 42
– Christel 47058 Prinzen- 92
– Hans 47139 Ziegelstein- 24
Brittinger Hedwig
47226 Friedrich-Alfred- 174
– Kurt 47226 Franz-Schubert- 9
Britz Anita 47198 Moerser- 89
Britz Beate 47239 Bayer- 3
– Beatrix 47059 Ruhrorter- 65
– Detlef 47137 Sonderburger- 41
– Elisabeth 47178 Bommannshof 14
– Elvira 47137 Sonderburger- 41
– Hannelore 47179 Jupiter- 17
– Heribert 47179 Jupiter- 17
– Jasmin 47137 Sonderburger- 41
– Luisa 47057 Klöckner- 190
– Markus 47198 Moerser- 89
– Matthias 47239 Bayer- 3
– Thomas 47057 Klöckner- 190
– Uwe 47059 Ruhrorter- 65
– Walter 47178 Bommannshof 14
Britzius Margarete
47259 Beim Gansacker 30
Britz Andrea 47179 Mathilden- 37
– Annemarie 47169 Mathilden- 37
– Arnold 47167 Kaiser-Friedrich- 205b
– Bernhard 47169 Mathilden- 37
– Edith 47167 Kaiser-Friedrich- 205b
– Elke 47259 Bernkasteler- 8
– Erwin 47057 Ludgeriplatz 27
– Gertrud 47137 Schnürer- 2
– Gisela 47167 Lehrer- 1
– Günther 47055 Hultschiner- 11
– Harry 47239 Traarer- 32a
– Heike 47167 Barbara- 92
– Heinz 47239 Traarer- 32a
– Heinz 47137 Max-Planck- 8
– Hermine 47057 Ludgeriplatz 27
– Jürgen 47058 Aakerfähr- 45
– Jürgen 47137 Letjens- 1
– Karin 47178 Goerdeler- 2
– Klaus 47166 Emscher- 180
– Klaus-Dieter 47178 Goerdeler- 2
– Kornelia 47166 Körner- 27
– Maria 47178 Bonhoeffer- 11
– Maria 47166 Theresen- 23
– Marianne 47239 Traarer- 32
– Markus 47178 Franz-Lenze- 97
– Markus 47178 Goerdeler- 2
– Martina 47138 Neumühler- 49
– Marzena 47137 Letjens- 1
– Michael 47167 Barbara- 92
– Michael 47166 Körner- 27
– Michaela 47259 Bernkasteler- 8
– Norbert 47166 Adolf-Engler- 7
– Reinhold 47137 Vohwinkel- 38
– Robert 47167 Lehrer- 1
– Sigrid 47137 Max-Planck- 8
– Sigrid 47137 Vohwinkel- 38
– Simone 47178 Franz-Lenze-Platz 46
– Susanne 47166 Emscher- 180
– Wolfgang 47166 Harnack- 22
Briza Martha 47169 Waterkamp- 61
Brljacic Franz 47229 Lindenallee 27b
– Sonja 47229 Lindenallee 27b
Brljimonkic Ljubica 47179 Kant- 35
– Peter 47179 Kant- 35
Brnicanin Dzevad
47249 Kaiserswerther- 84n
– Nedzad 47249 Kaiserswerther- 96
– Nurija 47137 Nomberichter- 49
– Nusret 47057 Sternbuschweg 71
– Sadik 47137 Letjens- 1
– Semra 47137 Letjens- 1
Brnicanin-Bozovic Brunhilde
47249 Kaiserswerther- 84n
Brnjos Nikola
47166 Am Zinkhüttenplatz 4
– Slavica 47166 Am Zinkhüttenplatz 4
Brobald Brigitte
47059 Essenberger- 285
– Gertrud 47228 Feld- 11
– Helga 47059 Essenberger- 281
– Helmut 47059 Essenberger- 285
Brobeil Nina 47198 Ziegelweg 4
Brocard Ulrike 47051 Erft- 13
– Vincenzo 47051 Erft- 13
Broch Alexander 47249 Windhuker- 37
– Gabriele 47249 Am Golfplatz 20
– Jürgen 47269 Am Golfplatz 20
– Tobias 47269 Am Golfplatz 20
Brochhagen Helga 47228 Horst- 1a
– Hermann 47228 Horst- 1a
– Silke 47051 Kardinal-Galen- 17
– Sven 47051 Kardinal-Galen- 17
Brock Birgit 47057 Memel- 37
– Christiane 47166 Storm- 33
– Claudia 47138 Quadt- 46
– Dieter 47166 Am Gottesacker 6
– Gabriele 47178 Overbeck- 2
– Günter 47228 Oberfeld 45
– Hans 47166 Schiller- 64
– Hubert 47259 Bernkasteler- 24
– Ingeborg 47057 Neudorfer Markt 18
– Karl 47057 Memel- 37
– Lieselotte 47058 Bechem- 17
– Lydia 47057 Memel- 37
– Marie van den 47053 Karl-Lehr- 8
– Otto 47058 Bechem- 17
– Petra 47166 Schiller- 64
– Rita 47057 Memel- 37
– Ruth 47057 Waltz- 58a
– Selma 47228 Oberfeld 45
– Simone 47057 Neudorfer Markt 6
– Stefan 47279 Neidenburger- 30
– Stephan 47057 Kammer- 206
– Thomas 47057 Memel- 37
– Ulrich 47057 Oberfeld 45
Brock-Krafzik Martina
47138 Koopmann- 113
Brocke Carmen
47053 Düsseldorfer- 200
– Christel 47139 Im Eggenkamp 35
– Erwin 47139 Im Eggenkamp 35
– Frank 47139 Marktplatz 13
– Horst 47139 Marktplatz 13
– Maria 47139 Im Eggenkamp 35
– Michael Dr.
47058 Gerhart-Hauptmann- 90
– Rolf 47226 Harder- 13
– Sandra 47226 Harder- 13
– Thomas 47226 Grenz- 21
– Wanda 47139 Im Eggenkamp 30
Brockel Angelika 47057 Scheffel- 22
– Birgit 47137 Herwarth- 55
– Britta 47249 Konstanzer- 27
Firmen, Gewerbebetriebe usw. nach Namen – siehe gelber Teil	A-DU
